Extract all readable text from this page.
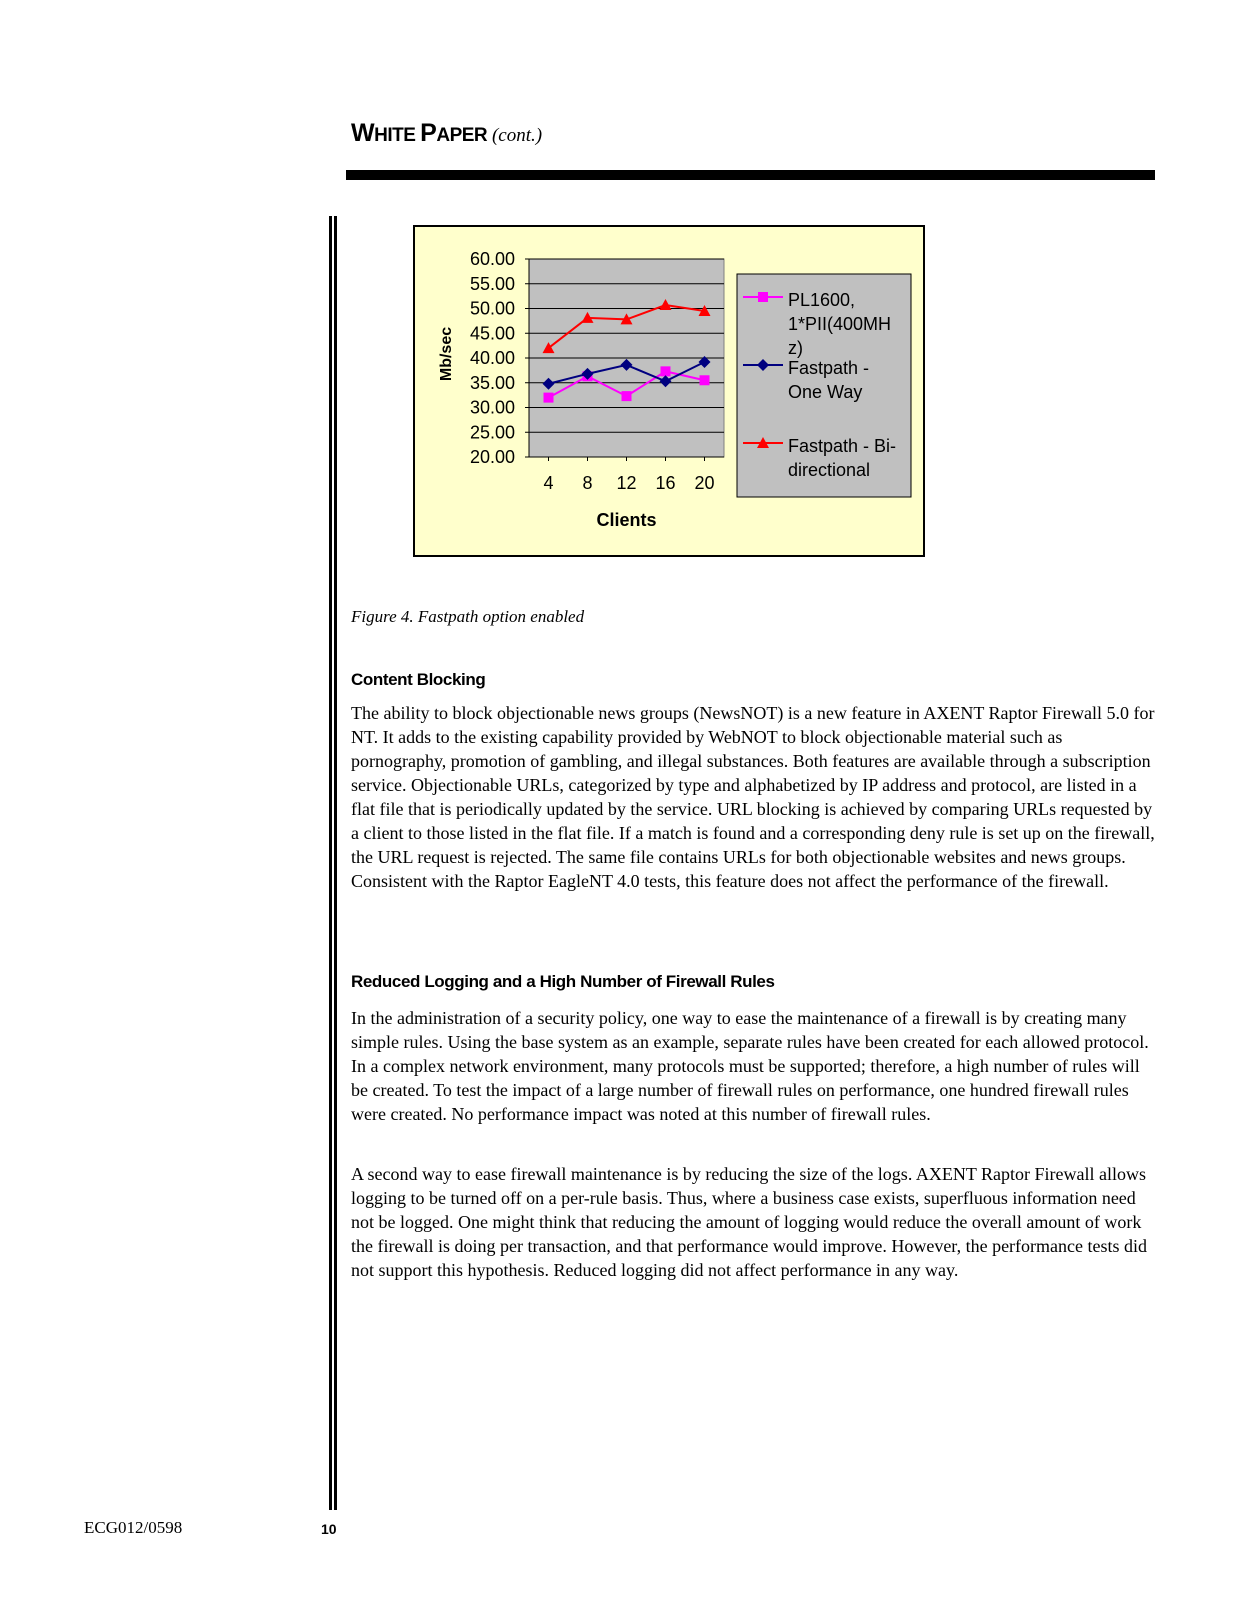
WHITE PAPER (cont.)
60.00
55.00
50.00
45.00
40.00
35.00
30.00
25.00
20.00
4 8 12 16 20
Clients
Mb/sec
PL1600,
1*PII(400MH
z)
Fastpath -
One Way
Fastpath - Bi-
directional
Figure 4. Fastpath option enabled
Content Blocking

The ability to block objectionable news groups (NewsNOT) is a new feature in AXENT Raptor Firewall 5.0 for NT. It adds to the existing capability provided by WebNOT to block objectionable material such as pornography, promotion of gambling, and illegal substances. Both features are available through a subscription service. Objectionable URLs, categorized by type and alphabetized by IP address and protocol, are listed in a flat file that is periodically updated by the service. URL blocking is achieved by comparing URLs requested by a client to those listed in the flat file. If a match is found and a corresponding deny rule is set up on the firewall, the URL request is rejected. The same file contains URLs for both objectionable websites and news groups. Consistent with the Raptor EagleNT 4.0 tests, this feature does not affect the performance of the firewall.

Reduced Logging and a High Number of Firewall Rules

In the administration of a security policy, one way to ease the maintenance of a firewall is by creating many simple rules. Using the base system as an example, separate rules have been created for each allowed protocol. In a complex network environment, many protocols must be supported; therefore, a high number of rules will be created. To test the impact of a large number of firewall rules on performance, one hundred firewall rules were created. No performance impact was noted at this number of firewall rules.

A second way to ease firewall maintenance is by reducing the size of the logs. AXENT Raptor Firewall allows logging to be turned off on a per-rule basis. Thus, where a business case exists, superfluous information need not be logged. One might think that reducing the amount of logging would reduce the overall amount of work the firewall is doing per transaction, and that performance would improve. However, the performance tests did not support this hypothesis. Reduced logging did not affect performance in any way.

ECG012/0598	10
